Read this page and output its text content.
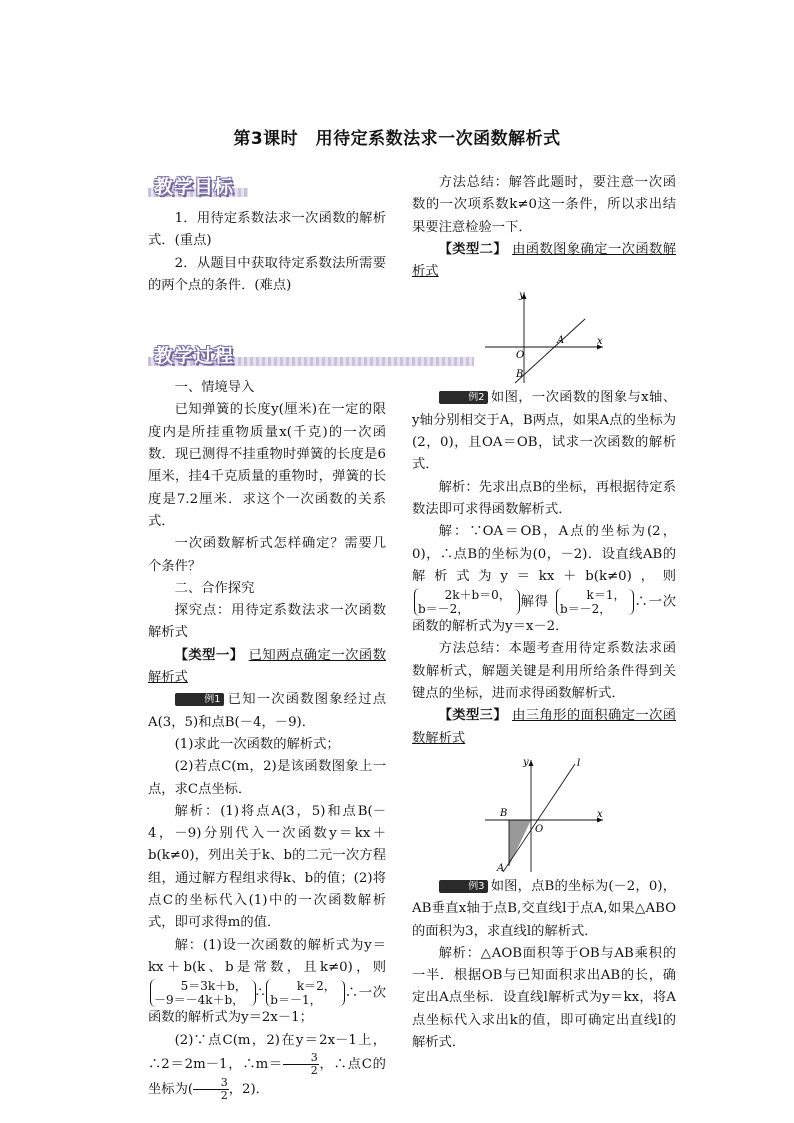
第3课时　用待定系数法求一次函数解析式
教学目标

1．用待定系数法求一次函数的解析式．(重点)

2．从题目中获取待定系数法所需要的两个点的条件．(难点)

教学过程

一、情境导入

已知弹簧的长度y(厘米)在一定的限度内是所挂重物质量x(千克)的一次函数．现已测得不挂重物时弹簧的长度是6厘米，挂4千克质量的重物时，弹簧的长度是7.2厘米．求这个一次函数的关系式．

一次函数解析式怎样确定？需要几个条件？

二、合作探究

探究点：用待定系数法求一次函数解析式

【类型一】 已知两点确定一次函数解析式

例1 已知一次函数图象经过点A(3，5)和点B(－4，－9)．

(1)求此一次函数的解析式；

(2)若点C(m，2)是该函数图象上一点，求C点坐标．

解析：(1)将点A(3，5)和点B(－4，－9)分别代入一次函数y＝kx＋b(k≠0)，列出关于k、b的二元一次方程组，通过解方程组求得k、b的值；(2)将点C的坐标代入(1)中的一次函数解析式，即可求得m的值．

解：(1)设一次函数的解析式为y＝kx＋b(k、b是常数，且k≠0)，则 5＝3k＋b，
－9＝－4k＋b， ∴	k＝2，
b＝－1， ∴一次函数的解析式为y＝2x－1；

(2)∵点C(m，2)在y＝2x－1上，∴2＝2m－1，∴m＝ $\frac{3}{2}$ ，∴点C的坐标为( $\frac{3}{2}$ ，2)．

方法总结：解答此题时，要注意一次函数的一次项系数k≠0这一条件，所以求出结果要注意检验一下．

【类型二】 由函数图象确定一次函数解析式

y
x
O
A
B

例2 如图，一次函数的图象与x轴、y轴分别相交于A，B两点，如果A点的坐标为(2，0)，且OA＝OB，试求一次函数的解析式．

解析：先求出点B的坐标，再根据待定系数法即可求得函数解析式．

解：∵OA＝OB，A点的坐标为(2，0)，∴点B的坐标为(0，－2)．设直线AB的解析式为y＝kx＋b(k≠0)，则 2k＋b＝0，
b＝－2，	解得	k＝1，
b＝－2， ∴一次函数的解析式为y＝x－2．

方法总结：本题考查用待定系数法求函数解析式，解题关键是利用所给条件得到关键点的坐标，进而求得函数解析式．

【类型三】 由三角形的面积确定一次函数解析式

y
x
O
B
A
l

例3 如图，点B的坐标为(－2，0)，AB垂直x轴于点B,交直线l于点A,如果△ABO的面积为3，求直线l的解析式．

解析：△AOB面积等于OB与AB乘积的一半．根据OB与已知面积求出AB的长，确定出A点坐标．设直线l解析式为y＝kx，将A点坐标代入求出k的值，即可确定出直线l的解析式．
